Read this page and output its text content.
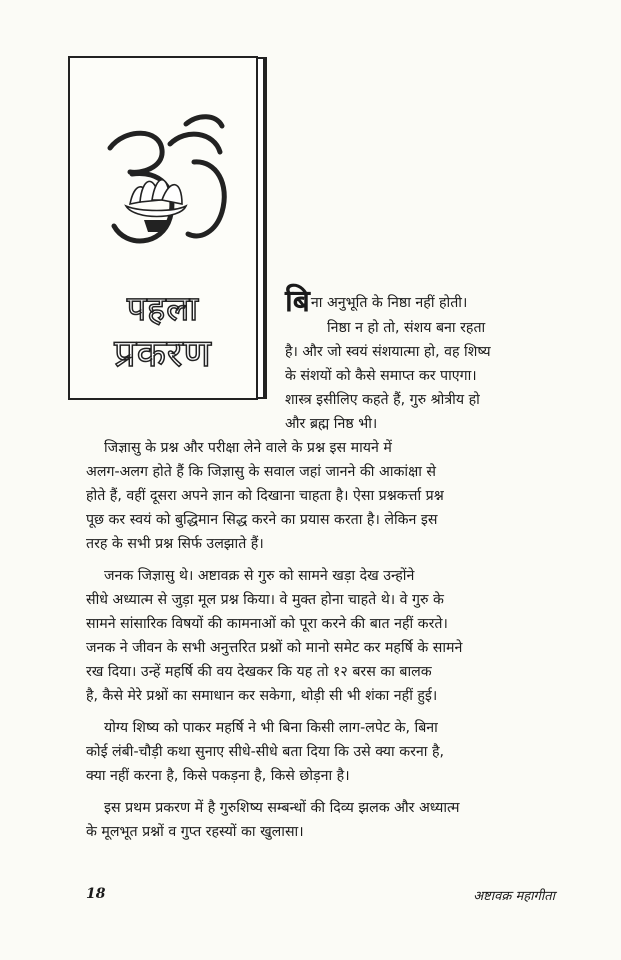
पहला
प्रकरण
बिना अनुभूति के निष्ठा नहीं होती।
निष्ठा न हो तो, संशय बना रहता
है। और जो स्वयं संशयात्मा हो, वह शिष्य
के संशयों को कैसे समाप्त कर पाएगा।
शास्त्र इसीलिए कहते हैं, गुरु श्रोत्रीय हो
और ब्रह्म निष्ठ भी।
जिज्ञासु के प्रश्न और परीक्षा लेने वाले के प्रश्न इस मायने में
अलग-अलग होते हैं कि जिज्ञासु के सवाल जहां जानने की आकांक्षा से
होते हैं, वहीं दूसरा अपने ज्ञान को दिखाना चाहता है। ऐसा प्रश्नकर्त्ता प्रश्न
पूछ कर स्वयं को बुद्धिमान सिद्ध करने का प्रयास करता है। लेकिन इस
तरह के सभी प्रश्न सिर्फ उलझाते हैं।
जनक जिज्ञासु थे। अष्टावक्र से गुरु को सामने खड़ा देख उन्होंने
सीधे अध्यात्म से जुड़ा मूल प्रश्न किया। वे मुक्त होना चाहते थे। वे गुरु के
सामने सांसारिक विषयों की कामनाओं को पूरा करने की बात नहीं करते।
जनक ने जीवन के सभी अनुत्तरित प्रश्नों को मानो समेट कर महर्षि के सामने
रख दिया। उन्हें महर्षि की वय देखकर कि यह तो १२ बरस का बालक
है, कैसे मेरे प्रश्नों का समाधान कर सकेगा, थोड़ी सी भी शंका नहीं हुई।
योग्य शिष्य को पाकर महर्षि ने भी बिना किसी लाग-लपेट के, बिना
कोई लंबी-चौड़ी कथा सुनाए सीधे-सीधे बता दिया कि उसे क्या करना है,
क्या नहीं करना है, किसे पकड़ना है, किसे छोड़ना है।
इस प्रथम प्रकरण में है गुरुशिष्य सम्बन्धों की दिव्य झलक और अध्यात्म
के मूलभूत प्रश्नों व गुप्त रहस्यों का खुलासा।
18	अष्टावक्र महागीता
